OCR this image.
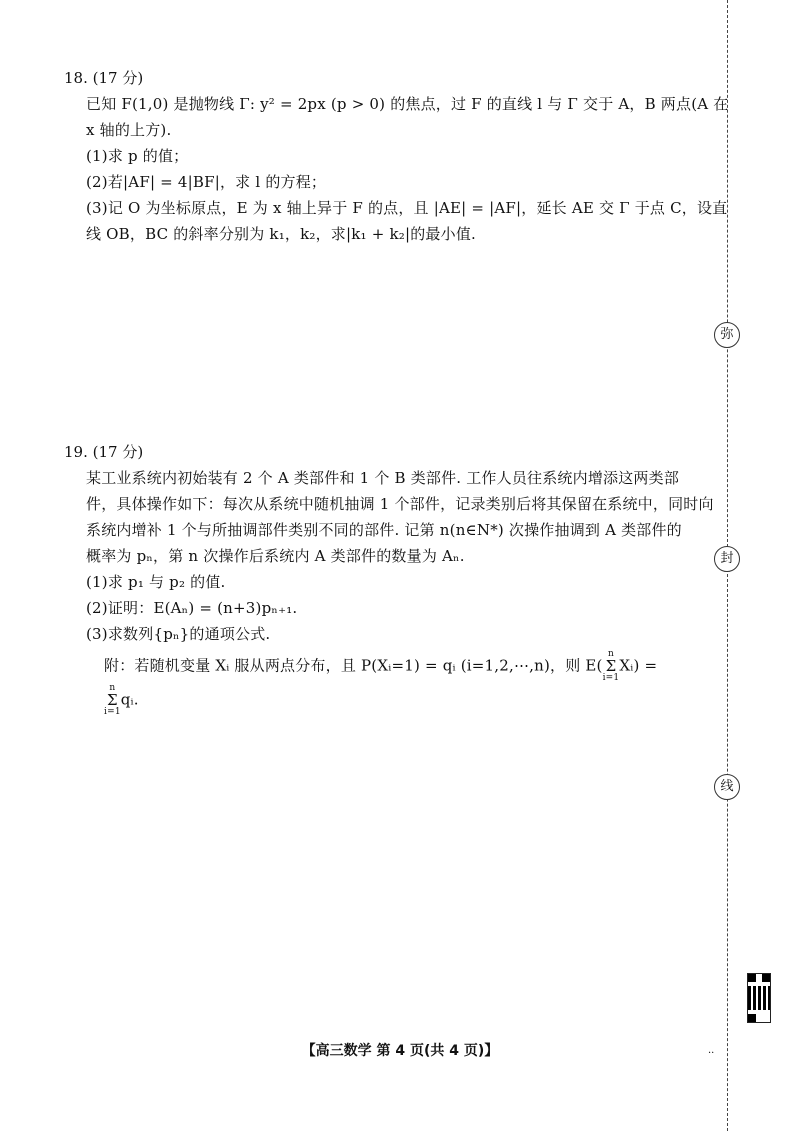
18. (17 分)
已知 F(1,0) 是抛物线 Γ: y² = 2px (p > 0) 的焦点，过 F 的直线 l 与 Γ 交于 A，B 两点(A 在
x 轴的上方).
(1)求 p 的值；
(2)若|AF| = 4|BF|，求 l 的方程；
(3)记 O 为坐标原点，E 为 x 轴上异于 F 的点，且 |AE| = |AF|，延长 AE 交 Γ 于点 C，设直
线 OB，BC 的斜率分别为 k₁，k₂，求|k₁ + k₂|的最小值.
19. (17 分)
某工业系统内初始装有 2 个 A 类部件和 1 个 B 类部件. 工作人员往系统内增添这两类部
件，具体操作如下：每次从系统中随机抽调 1 个部件，记录类别后将其保留在系统中，同时向
系统内增补 1 个与所抽调部件类别不同的部件. 记第 n(n∈N*) 次操作抽调到 A 类部件的
概率为 pₙ，第 n 次操作后系统内 A 类部件的数量为 Aₙ.
(1)求 p₁ 与 p₂ 的值.
(2)证明：E(Aₙ) = (n+3)pₙ₊₁.
(3)求数列{pₙ}的通项公式.
附：若随机变量 Xᵢ 服从两点分布，且 P(Xᵢ=1) = qᵢ (i=1,2,⋯,n)，则 E(n
Σ
i=1Xᵢ) =
n
Σ
i=1qᵢ.
弥
封
线
【高三数学 第 4 页(共 4 页)】	··
